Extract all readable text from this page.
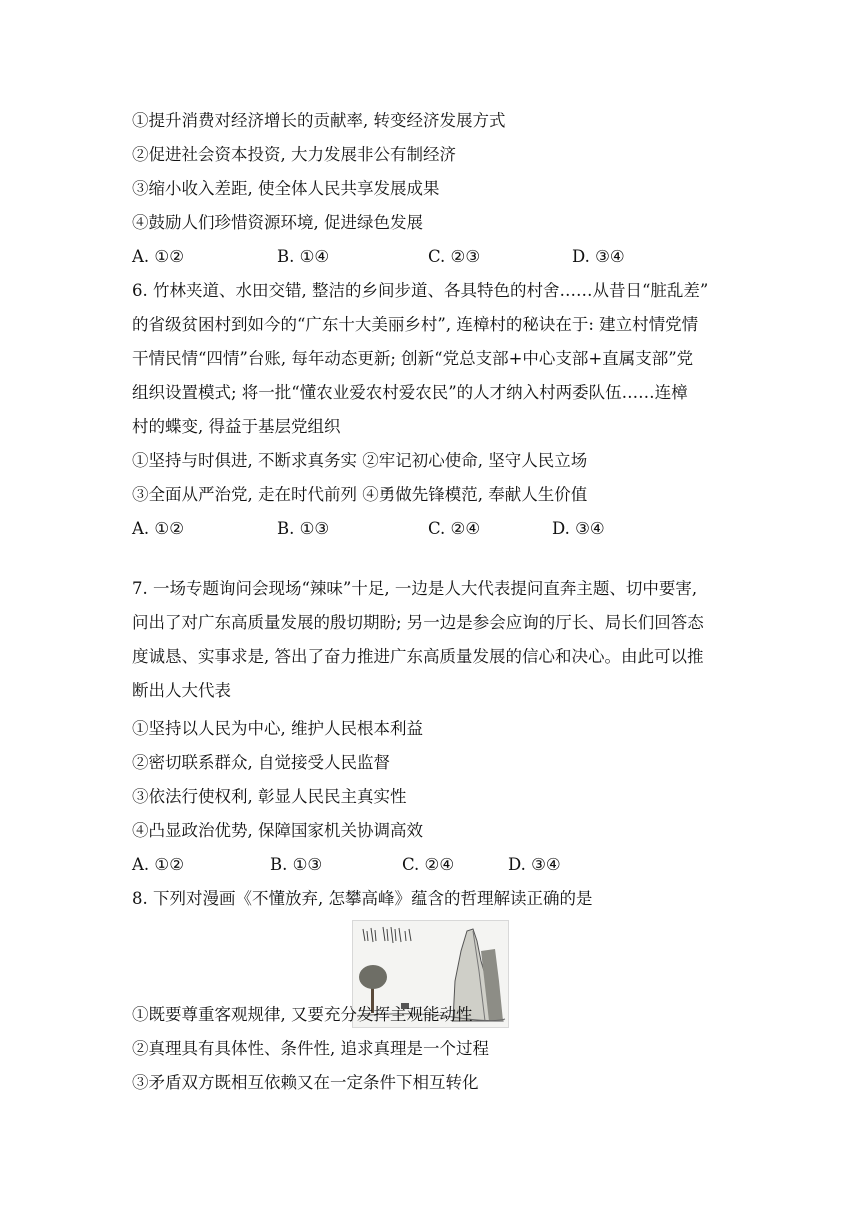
①提升消费对经济增长的贡献率, 转变经济发展方式
②促进社会资本投资, 大力发展非公有制经济
③缩小收入差距, 使全体人民共享发展成果
④鼓励人们珍惜资源环境, 促进绿色发展
A. ①②	B. ①④	C. ②③	D. ③④
6. 竹林夹道、水田交错, 整洁的乡间步道、各具特色的村舍……从昔日“脏乱差”
的省级贫困村到如今的“广东十大美丽乡村”, 连樟村的秘诀在于: 建立村情党情
干情民情“四情”台账, 每年动态更新; 创新“党总支部+中心支部+直属支部”党
组织设置模式; 将一批“懂农业爱农村爱农民”的人才纳入村两委队伍……连樟
村的蝶变, 得益于基层党组织
①坚持与时俱进, 不断求真务实 ②牢记初心使命, 坚守人民立场
③全面从严治党, 走在时代前列 ④勇做先锋模范, 奉献人生价值
A. ①②	B. ①③	C. ②④	D. ③④
7. 一场专题询问会现场“辣味”十足, 一边是人大代表提问直奔主题、切中要害,
问出了对广东高质量发展的殷切期盼; 另一边是参会应询的厅长、局长们回答态
度诚恳、实事求是, 答出了奋力推进广东高质量发展的信心和决心。由此可以推
断出人大代表
①坚持以人民为中心, 维护人民根本利益
②密切联系群众, 自觉接受人民监督
③依法行使权利, 彰显人民民主真实性
④凸显政治优势, 保障国家机关协调高效
A. ①②	B. ①③	C. ②④	D. ③④
8. 下列对漫画《不懂放弃, 怎攀高峰》蕴含的哲理解读正确的是
①既要尊重客观规律, 又要充分发挥主观能动性
②真理具有具体性、条件性, 追求真理是一个过程
③矛盾双方既相互依赖又在一定条件下相互转化
